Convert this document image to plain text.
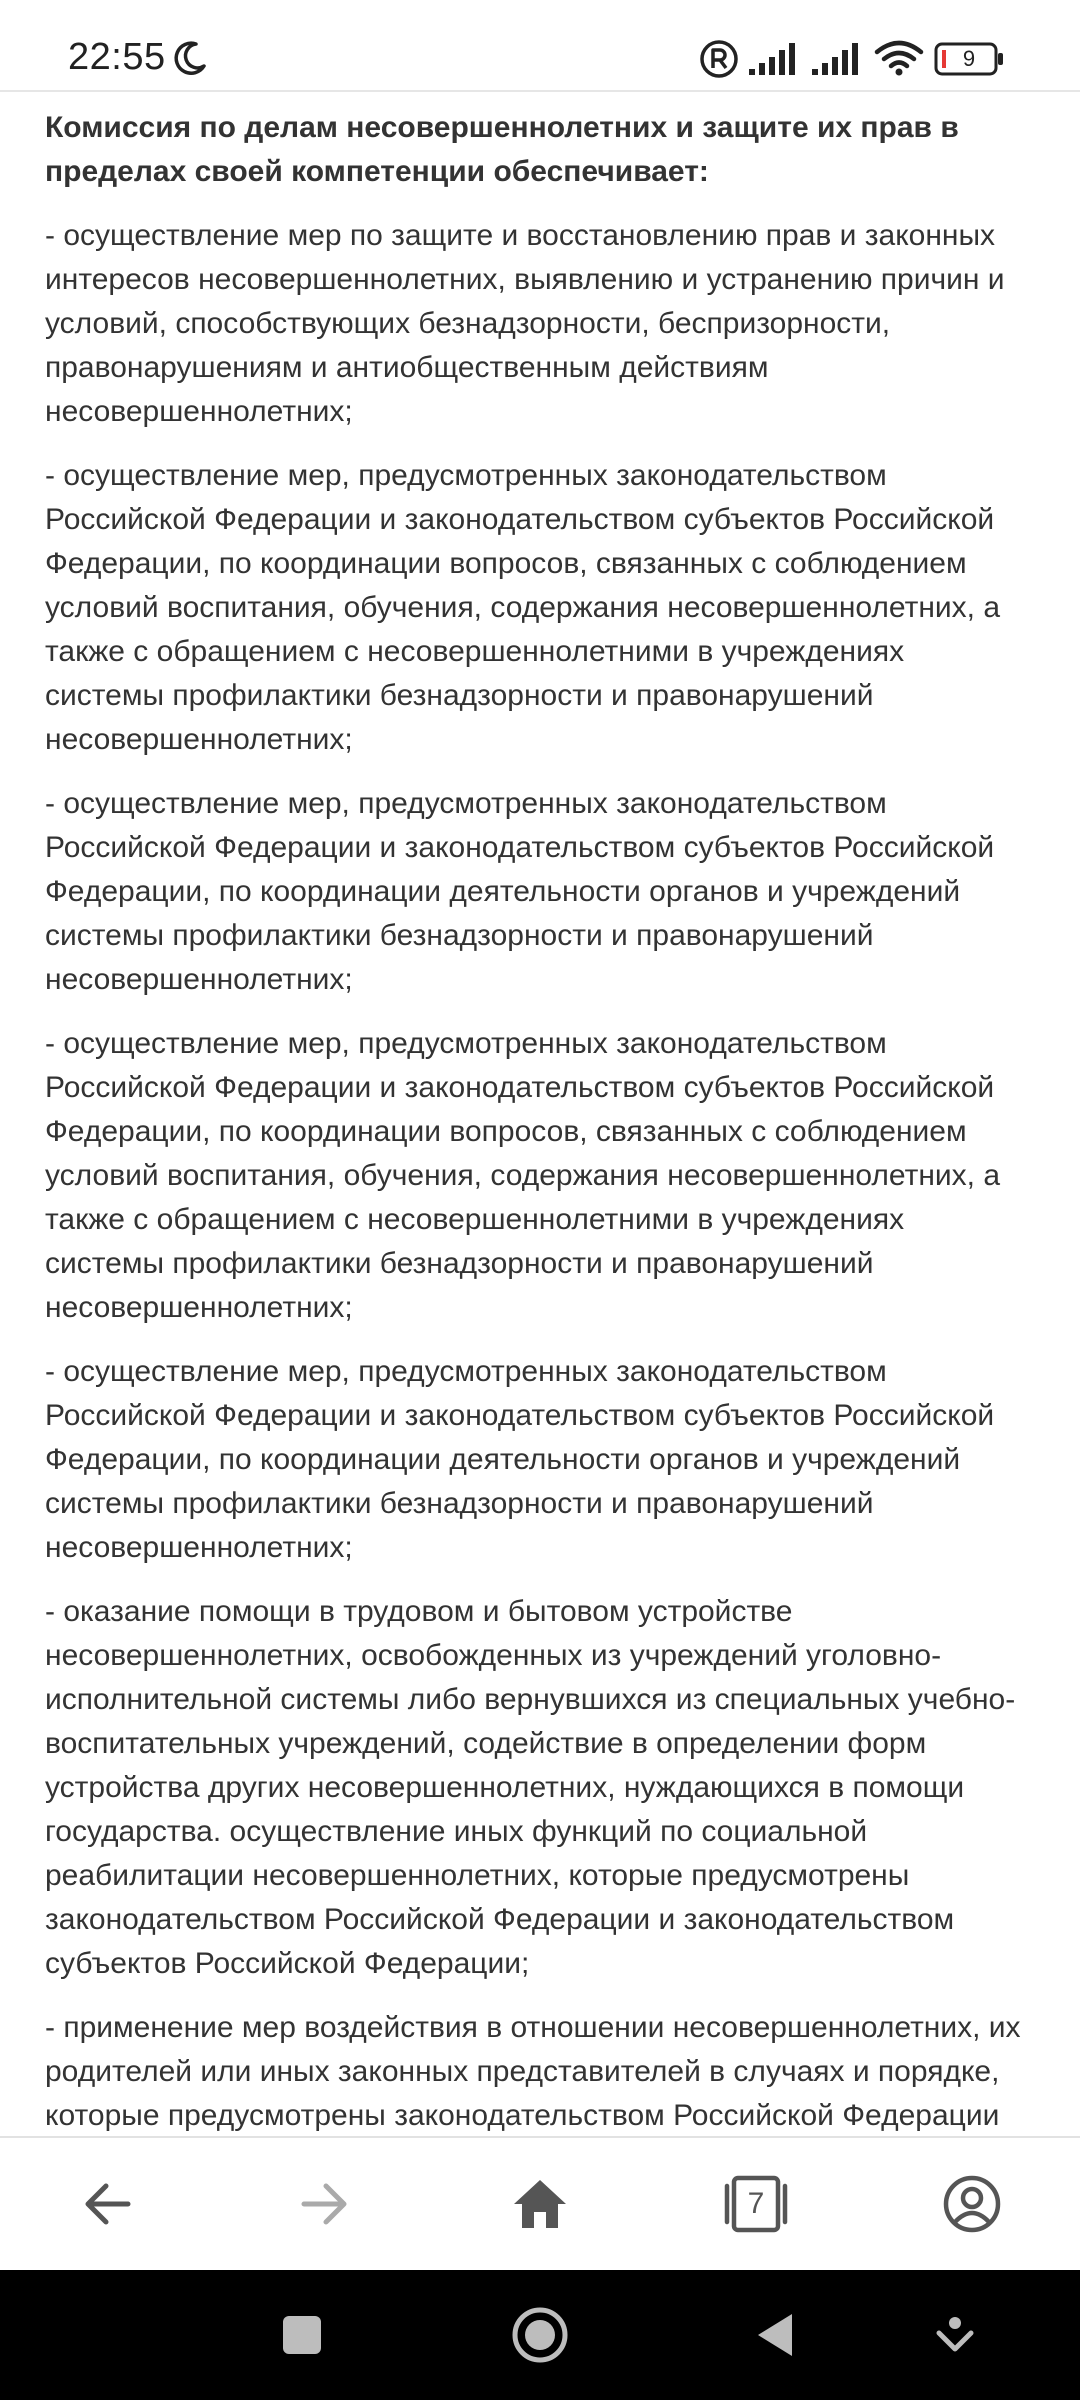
22:55	9
Комиссия по делам несовершеннолетних и защите их прав в пределах своей компетенции обеспечивает:

- осуществление мер по защите и восстановлению прав и законных
интересов несовершеннолетних, выявлению и устранению причин и
условий, способствующих безнадзорности, беспризорности,
правонарушениям и антиобщественным действиям
несовершеннолетних;

- осуществление мер, предусмотренных законодательством
Российской Федерации и законодательством субъектов Российской
Федерации, по координации вопросов, связанных с соблюдением
условий воспитания, обучения, содержания несовершеннолетних, а
также с обращением с несовершеннолетними в учреждениях
системы профилактики безнадзорности и правонарушений
несовершеннолетних;

- осуществление мер, предусмотренных законодательством
Российской Федерации и законодательством субъектов Российской
Федерации, по координации деятельности органов и учреждений
системы профилактики безнадзорности и правонарушений
несовершеннолетних;

- осуществление мер, предусмотренных законодательством
Российской Федерации и законодательством субъектов Российской
Федерации, по координации вопросов, связанных с соблюдением
условий воспитания, обучения, содержания несовершеннолетних, а
также с обращением с несовершеннолетними в учреждениях
системы профилактики безнадзорности и правонарушений
несовершеннолетних;

- осуществление мер, предусмотренных законодательством
Российской Федерации и законодательством субъектов Российской
Федерации, по координации деятельности органов и учреждений
системы профилактики безнадзорности и правонарушений
несовершеннолетних;

- оказание помощи в трудовом и бытовом устройстве
несовершеннолетних, освобожденных из учреждений уголовно-
исполнительной системы либо вернувшихся из специальных учебно-
воспитательных учреждений, содействие в определении форм
устройства других несовершеннолетних, нуждающихся в помощи
государства. осуществление иных функций по социальной
реабилитации несовершеннолетних, которые предусмотрены
законодательством Российской Федерации и законодательством
субъектов Российской Федерации;

- применение мер воздействия в отношении несовершеннолетних, их
родителей или иных законных представителей в случаях и порядке,
которые предусмотрены законодательством Российской Федерации

7
